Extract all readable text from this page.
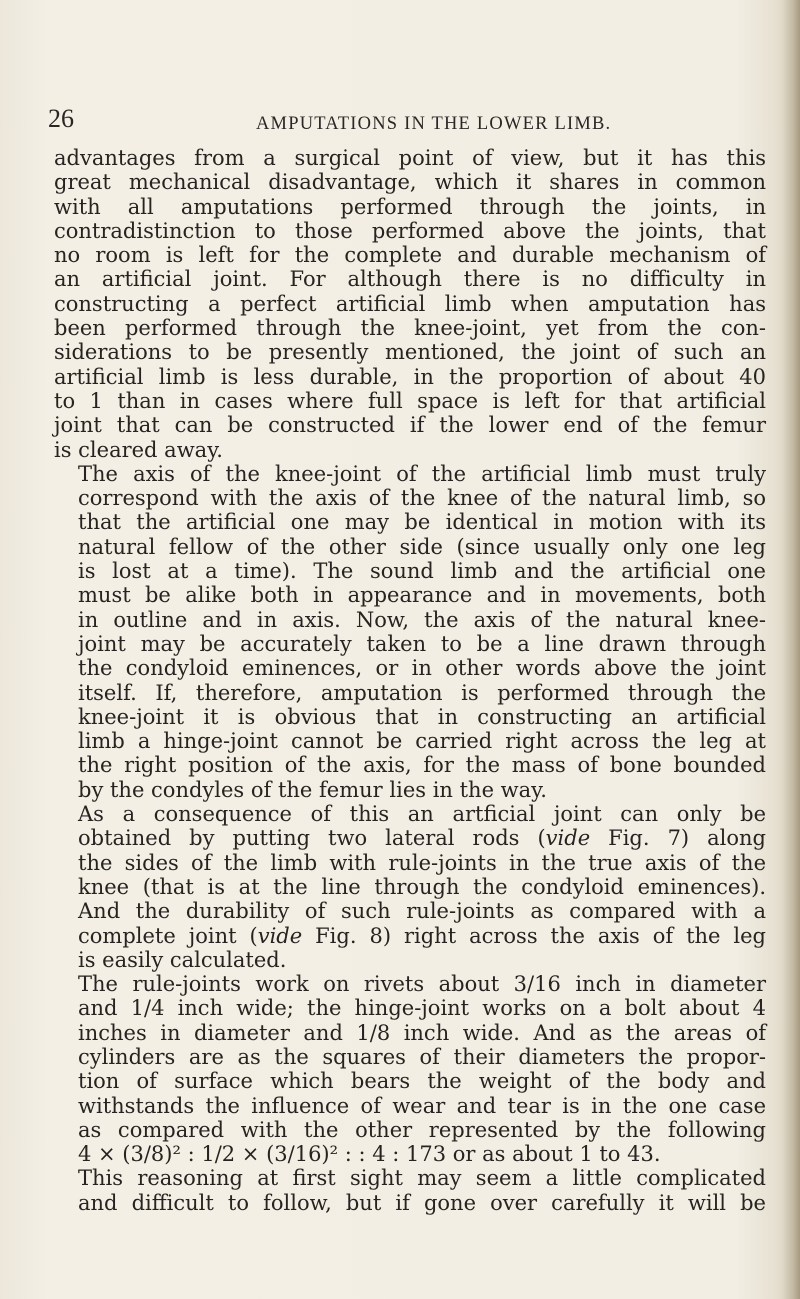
26	AMPUTATIONS IN THE LOWER LIMB.

advantages from a surgical point of view, but it has this
great mechanical disadvantage, which it shares in common
with all amputations performed through the joints, in
contradistinction to those performed above the joints, that
no room is left for the complete and durable mechanism of
an artificial joint. For although there is no difficulty in
constructing a perfect artificial limb when amputation has
been performed through the knee-joint, yet from the con-
siderations to be presently mentioned, the joint of such an
artificial limb is less durable, in the proportion of about 40
to 1 than in cases where full space is left for that artificial
joint that can be constructed if the lower end of the femur
is cleared away.

The axis of the knee-joint of the artificial limb must truly
correspond with the axis of the knee of the natural limb, so
that the artificial one may be identical in motion with its
natural fellow of the other side (since usually only one leg
is lost at a time). The sound limb and the artificial one
must be alike both in appearance and in movements, both
in outline and in axis. Now, the axis of the natural knee-
joint may be accurately taken to be a line drawn through
the condyloid eminences, or in other words above the joint
itself. If, therefore, amputation is performed through the
knee-joint it is obvious that in constructing an artificial
limb a hinge-joint cannot be carried right across the leg at
the right position of the axis, for the mass of bone bounded
by the condyles of the femur lies in the way.

As a consequence of this an artficial joint can only be
obtained by putting two lateral rods (vide Fig. 7) along
the sides of the limb with rule-joints in the true axis of the
knee (that is at the line through the condyloid eminences).
And the durability of such rule-joints as compared with a
complete joint (vide Fig. 8) right across the axis of the leg
is easily calculated.

The rule-joints work on rivets about 3/16 inch in diameter
and 1/4 inch wide; the hinge-joint works on a bolt about 4
inches in diameter and 1/8 inch wide. And as the areas of
cylinders are as the squares of their diameters the propor-
tion of surface which bears the weight of the body and
withstands the influence of wear and tear is in the one case
as compared with the other represented by the following
4 × (3/8)² : 1/2 × (3/16)² : : 4 : 173 or as about 1 to 43.

This reasoning at first sight may seem a little complicated
and difficult to follow, but if gone over carefully it will be
